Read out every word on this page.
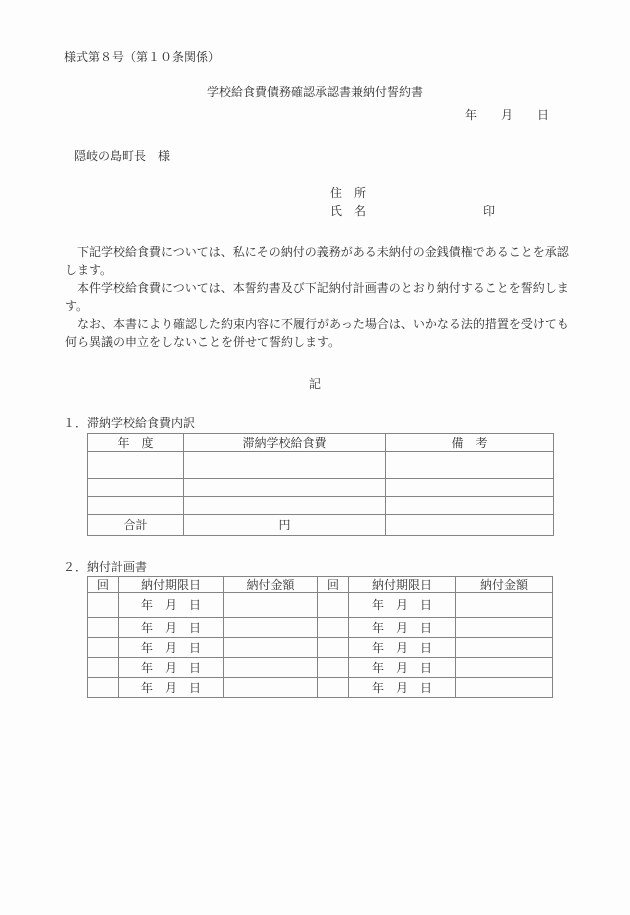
様式第８号（第１０条関係）
学校給食費債務確認承認書兼納付誓約書
年　　月　　日
隠岐の島町長　様
住　所
氏　名	印
　下記学校給食費については、私にその納付の義務がある未納付の金銭債権であることを承認
します。
　本件学校給食費については、本誓約書及び下記納付計画書のとおり納付することを誓約しま
す。
　なお、本書により確認した約束内容に不履行があった場合は、いかなる法的措置を受けても
何ら異議の申立をしないことを併せて誓約します。
記
１．滞納学校給食費内訳
年　度	滞納学校給食費	備　考

合計	円	
２．納付計画書
回	納付期限日	納付金額	回	納付期限日	納付金額
	年　月　日			年　月　日	
	年　月　日			年　月　日	
	年　月　日			年　月　日	
	年　月　日			年　月　日	
	年　月　日			年　月　日	
